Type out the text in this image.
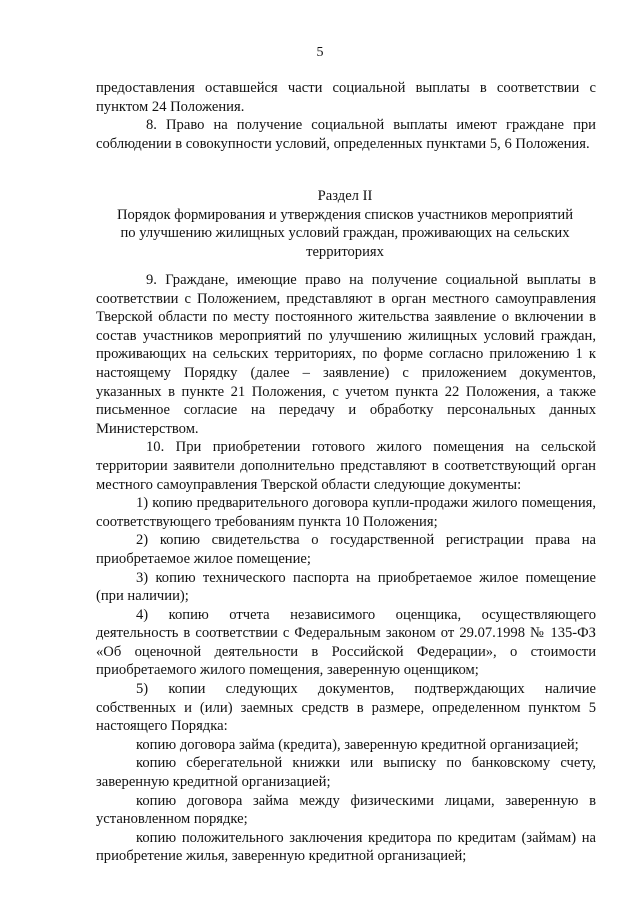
5

предоставления оставшейся части социальной выплаты в соответствии с пунктом 24 Положения.

8. Право на получение социальной выплаты имеют граждане при соблюдении в совокупности условий, определенных пунктами 5, 6 Положения.

Раздел II
Порядок формирования и утверждения списков участников мероприятий
по улучшению жилищных условий граждан, проживающих на сельских
территориях

9. Граждане, имеющие право на получение социальной выплаты в соответствии с Положением, представляют в орган местного самоуправления Тверской области по месту постоянного жительства заявление о включении в состав участников мероприятий по улучшению жилищных условий граждан, проживающих на сельских территориях, по форме согласно приложению 1 к настоящему Порядку (далее – заявление) с приложением документов, указанных в пункте 21 Положения, с учетом пункта 22 Положения, а также письменное согласие на передачу и обработку персональных данных Министерством.

10. При приобретении готового жилого помещения на сельской территории заявители дополнительно представляют в соответствующий орган местного самоуправления Тверской области следующие документы:

1) копию предварительного договора купли-продажи жилого помещения, соответствующего требованиям пункта 10 Положения;

2) копию свидетельства о государственной регистрации права на приобретаемое жилое помещение;

3) копию технического паспорта на приобретаемое жилое помещение (при наличии);

4) копию отчета независимого оценщика, осуществляющего деятельность в соответствии с Федеральным законом от 29.07.1998 № 135-ФЗ «Об оценочной деятельности в Российской Федерации», о стоимости приобретаемого жилого помещения, заверенную оценщиком;

5) копии следующих документов, подтверждающих наличие собственных и (или) заемных средств в размере, определенном пунктом 5 настоящего Порядка:

копию договора займа (кредита), заверенную кредитной организацией;

копию сберегательной книжки или выписку по банковскому счету, заверенную кредитной организацией;

копию договора займа между физическими лицами, заверенную в установленном порядке;

копию положительного заключения кредитора по кредитам (займам) на приобретение жилья, заверенную кредитной организацией;
